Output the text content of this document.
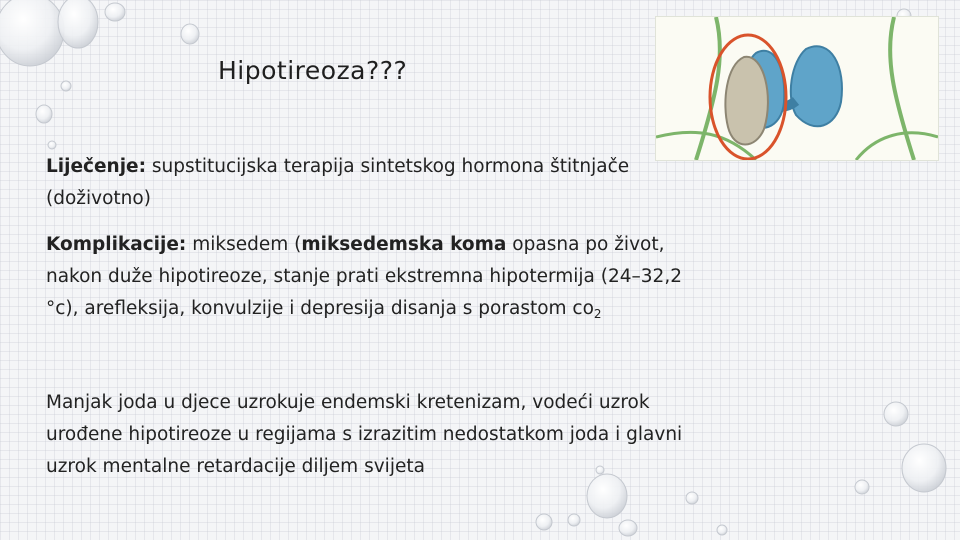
Hipotireoza???
Liječenje: supstitucijska terapija sintetskog hormona štitnjače (doživotno)
Komplikacije: miksedem (miksedemska koma opasna po život, nakon duže hipotireoze, stanje prati ekstremna hipotermija (24–32,2 °c), arefleksija, konvulzije i depresija disanja s porastom $co_2$
Manjak joda u djece uzrokuje endemski kretenizam, vodeći uzrok urođene hipotireoze u regijama s izrazitim nedostatkom joda i glavni uzrok mentalne retardacije diljem svijeta
